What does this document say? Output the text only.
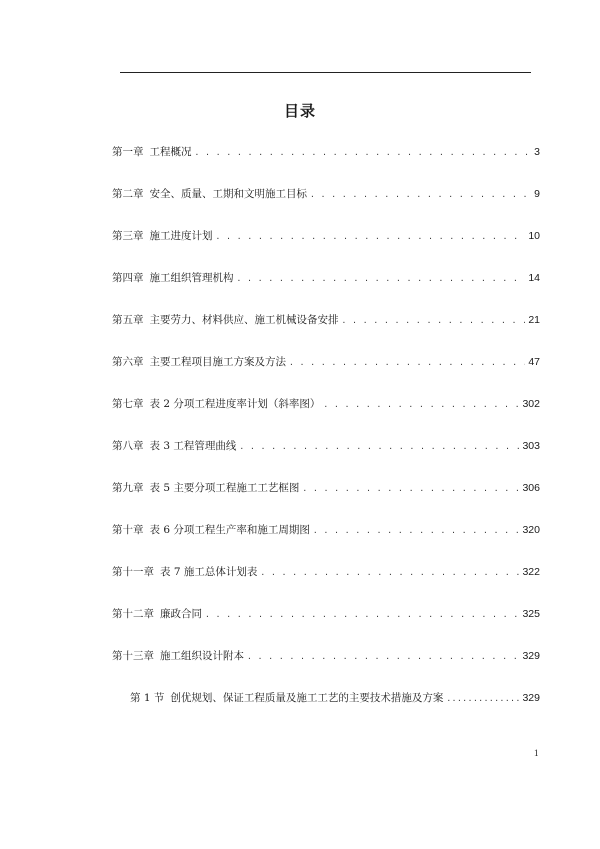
目录
第一章 工程概况 . . .	3
第二章 安全、质量、工期和文明施工目标 . . .	9
第三章 施工进度计划 . . .	10
第四章 施工组织管理机构 . . .	14
第五章 主要劳力、材料供应、施工机械设备安排 . . .	21
第六章 主要工程项目施工方案及方法 . . .	47
第七章 表 2 分项工程进度率计划（斜率图） . . .	302
第八章 表 3 工程管理曲线 . . .	303
第九章 表 5 主要分项工程施工工艺框图 . . .	306
第十章 表 6 分项工程生产率和施工周期图 . . .	320
第十一章 表 7 施工总体计划表 . . .	322
第十二章 廉政合同 . . .	325
第十三章 施工组织设计附本 . . .	329
第 1 节 创优规划、保证工程质量及施工工艺的主要技术措施及方案 .....	329
1
